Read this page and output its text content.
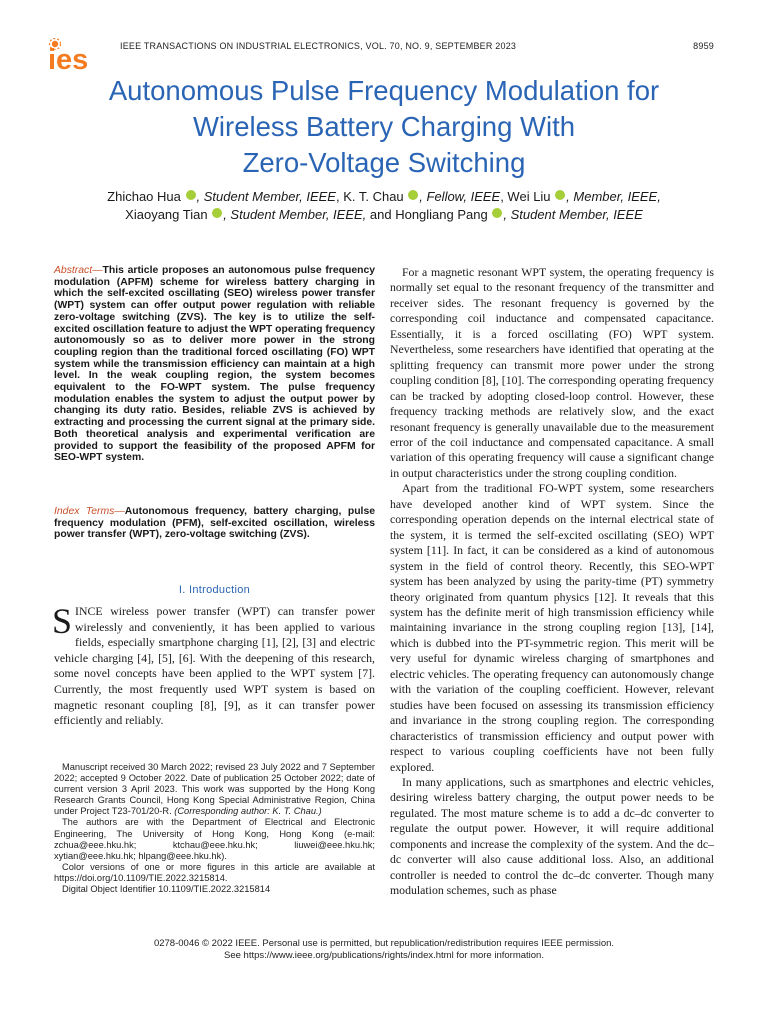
ies	IEEE TRANSACTIONS ON INDUSTRIAL ELECTRONICS, VOL. 70, NO. 9, SEPTEMBER 2023	8959
Autonomous Pulse Frequency Modulation for
Wireless Battery Charging With
Zero-Voltage Switching
Zhichao Hua , Student Member, IEEE, K. T. Chau , Fellow, IEEE, Wei Liu , Member, IEEE,
Xiaoyang Tian , Student Member, IEEE, and Hongliang Pang , Student Member, IEEE
Abstract—This article proposes an autonomous pulse frequency modulation (APFM) scheme for wireless battery charging in which the self-excited oscillating (SEO) wireless power transfer (WPT) system can offer output power regulation with reliable zero-voltage switching (ZVS). The key is to utilize the self-excited oscillation feature to adjust the WPT operating frequency autonomously so as to deliver more power in the strong coupling region than the traditional forced oscillating (FO) WPT system while the transmission efficiency can maintain at a high level. In the weak coupling region, the system becomes equivalent to the FO-WPT system. The pulse frequency modulation enables the system to adjust the output power by changing its duty ratio. Besides, reliable ZVS is achieved by extracting and processing the current signal at the primary side. Both theoretical analysis and experimental verification are provided to support the feasibility of the proposed APFM for SEO-WPT system.
Index Terms—Autonomous frequency, battery charging, pulse frequency modulation (PFM), self-excited oscillation, wireless power transfer (WPT), zero-voltage switching (ZVS).
I. Introduction
SINCE wireless power transfer (WPT) can transfer power wirelessly and conveniently, it has been applied to various fields, especially smartphone charging [1], [2], [3] and electric vehicle charging [4], [5], [6]. With the deepening of this research, some novel concepts have been applied to the WPT system [7]. Currently, the most frequently used WPT system is based on magnetic resonant coupling [8], [9], as it can transfer power efficiently and reliably.

Manuscript received 30 March 2022; revised 23 July 2022 and 7 September 2022; accepted 9 October 2022. Date of publication 25 October 2022; date of current version 3 April 2023. This work was supported by the Hong Kong Research Grants Council, Hong Kong Special Administrative Region, China under Project T23-701/20-R. (Corresponding author: K. T. Chau.)

The authors are with the Department of Electrical and Electronic Engineering, The University of Hong Kong, Hong Kong (e-mail: zchua@eee.hku.hk; ktchau@eee.hku.hk; liuwei@eee.hku.hk; xytian@eee.hku.hk; hlpang@eee.hku.hk).

Color versions of one or more figures in this article are available at https://doi.org/10.1109/TIE.2022.3215814.

Digital Object Identifier 10.1109/TIE.2022.3215814

For a magnetic resonant WPT system, the operating frequency is normally set equal to the resonant frequency of the transmitter and receiver sides. The resonant frequency is governed by the corresponding coil inductance and compensated capacitance. Essentially, it is a forced oscillating (FO) WPT system. Nevertheless, some researchers have identified that operating at the splitting frequency can transmit more power under the strong coupling condition [8], [10]. The corresponding operating frequency can be tracked by adopting closed-loop control. However, these frequency tracking methods are relatively slow, and the exact resonant frequency is generally unavailable due to the measurement error of the coil inductance and compensated capacitance. A small variation of this operating frequency will cause a significant change in output characteristics under the strong coupling condition.

Apart from the traditional FO-WPT system, some researchers have developed another kind of WPT system. Since the corresponding operation depends on the internal electrical state of the system, it is termed the self-excited oscillating (SEO) WPT system [11]. In fact, it can be considered as a kind of autonomous system in the field of control theory. Recently, this SEO-WPT system has been analyzed by using the parity-time (PT) symmetry theory originated from quantum physics [12]. It reveals that this system has the definite merit of high transmission efficiency while maintaining invariance in the strong coupling region [13], [14], which is dubbed into the PT-symmetric region. This merit will be very useful for dynamic wireless charging of smartphones and electric vehicles. The operating frequency can autonomously change with the variation of the coupling coefficient. However, relevant studies have been focused on assessing its transmission efficiency and invariance in the strong coupling region. The corresponding characteristics of transmission efficiency and output power with respect to various coupling coefficients have not been fully explored.

In many applications, such as smartphones and electric vehicles, desiring wireless battery charging, the output power needs to be regulated. The most mature scheme is to add a dc–dc converter to regulate the output power. However, it will require additional components and increase the complexity of the system. And the dc–dc converter will also cause additional loss. Also, an additional controller is needed to control the dc–dc converter. Though many modulation schemes, such as phase

0278-0046 © 2022 IEEE. Personal use is permitted, but republication/redistribution requires IEEE permission.
See https://www.ieee.org/publications/rights/index.html for more information.
